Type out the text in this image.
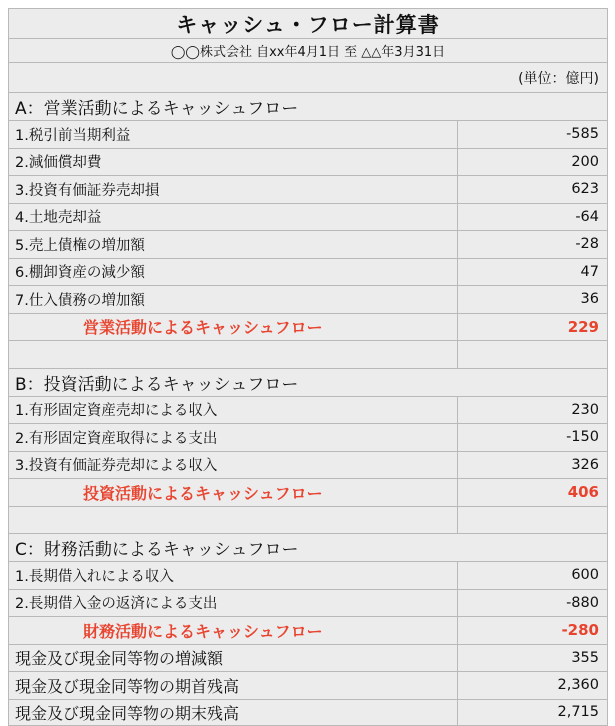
キャッシュ・フロー計算書
◯◯株式会社 自xx年4月1日 至 △△年3月31日
(単位：億円)
A：営業活動によるキャッシュフロー
1.税引前当期利益	-585
2.減価償却費	200
3.投資有価証券売却損	623
4.土地売却益	-64
5.売上債権の増加額	-28
6.棚卸資産の減少額	47
7.仕入債務の増加額	36
営業活動によるキャッシュフロー	229
B：投資活動によるキャッシュフロー
1.有形固定資産売却による収入	230
2.有形固定資産取得による支出	-150
3.投資有価証券売却による収入	326
投資活動によるキャッシュフロー	406
C：財務活動によるキャッシュフロー
1.長期借入れによる収入	600
2.長期借入金の返済による支出	-880
財務活動によるキャッシュフロー	-280
現金及び現金同等物の増減額	355
現金及び現金同等物の期首残高	2,360
現金及び現金同等物の期末残高	2,715
